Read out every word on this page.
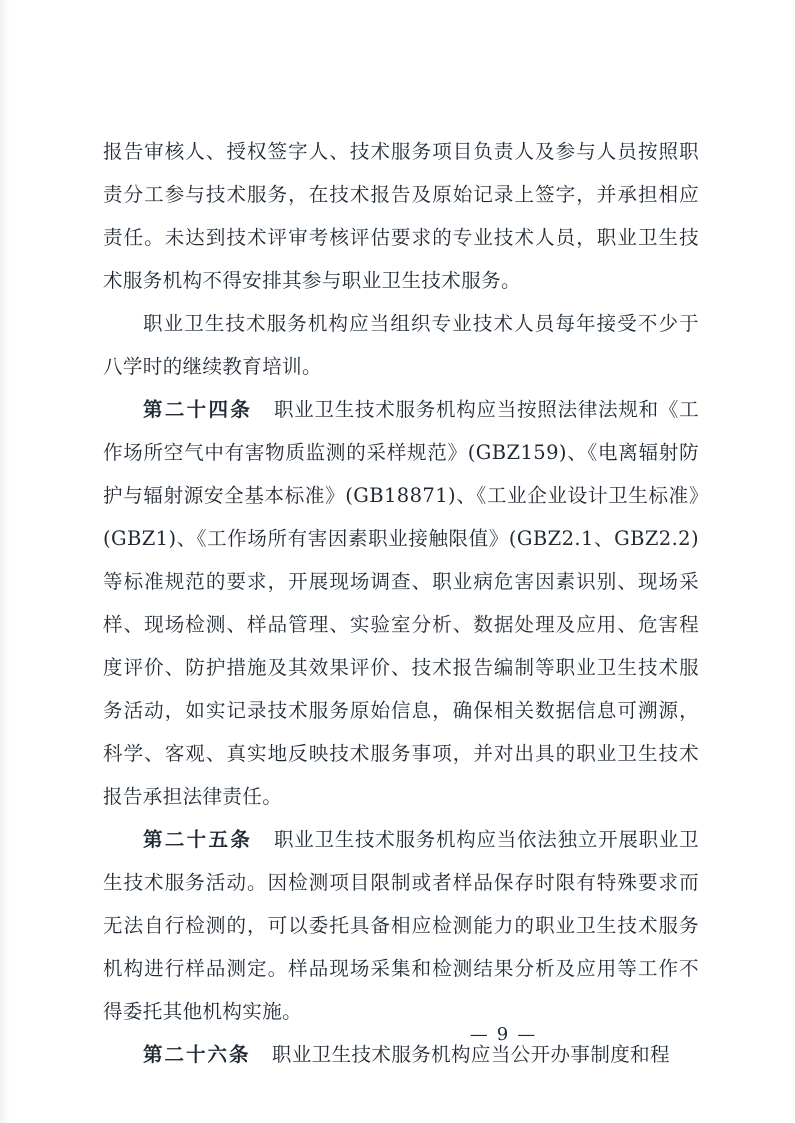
报告审核人、授权签字人、技术服务项目负责人及参与人员按照职责分工参与技术服务，在技术报告及原始记录上签字，并承担相应责任。未达到技术评审考核评估要求的专业技术人员，职业卫生技术服务机构不得安排其参与职业卫生技术服务。

职业卫生技术服务机构应当组织专业技术人员每年接受不少于八学时的继续教育培训。

第二十四条 职业卫生技术服务机构应当按照法律法规和《工作场所空气中有害物质监测的采样规范》(GBZ159)、《电离辐射防护与辐射源安全基本标准》(GB18871)、《工业企业设计卫生标准》(GBZ1)、《工作场所有害因素职业接触限值》(GBZ2.1、GBZ2.2)等标准规范的要求，开展现场调查、职业病危害因素识别、现场采样、现场检测、样品管理、实验室分析、数据处理及应用、危害程度评价、防护措施及其效果评价、技术报告编制等职业卫生技术服务活动，如实记录技术服务原始信息，确保相关数据信息可溯源，科学、客观、真实地反映技术服务事项，并对出具的职业卫生技术报告承担法律责任。

第二十五条 职业卫生技术服务机构应当依法独立开展职业卫生技术服务活动。因检测项目限制或者样品保存时限有特殊要求而无法自行检测的，可以委托具备相应检测能力的职业卫生技术服务机构进行样品测定。样品现场采集和检测结果分析及应用等工作不得委托其他机构实施。

第二十六条 职业卫生技术服务机构应当公开办事制度和程

— 9 —
